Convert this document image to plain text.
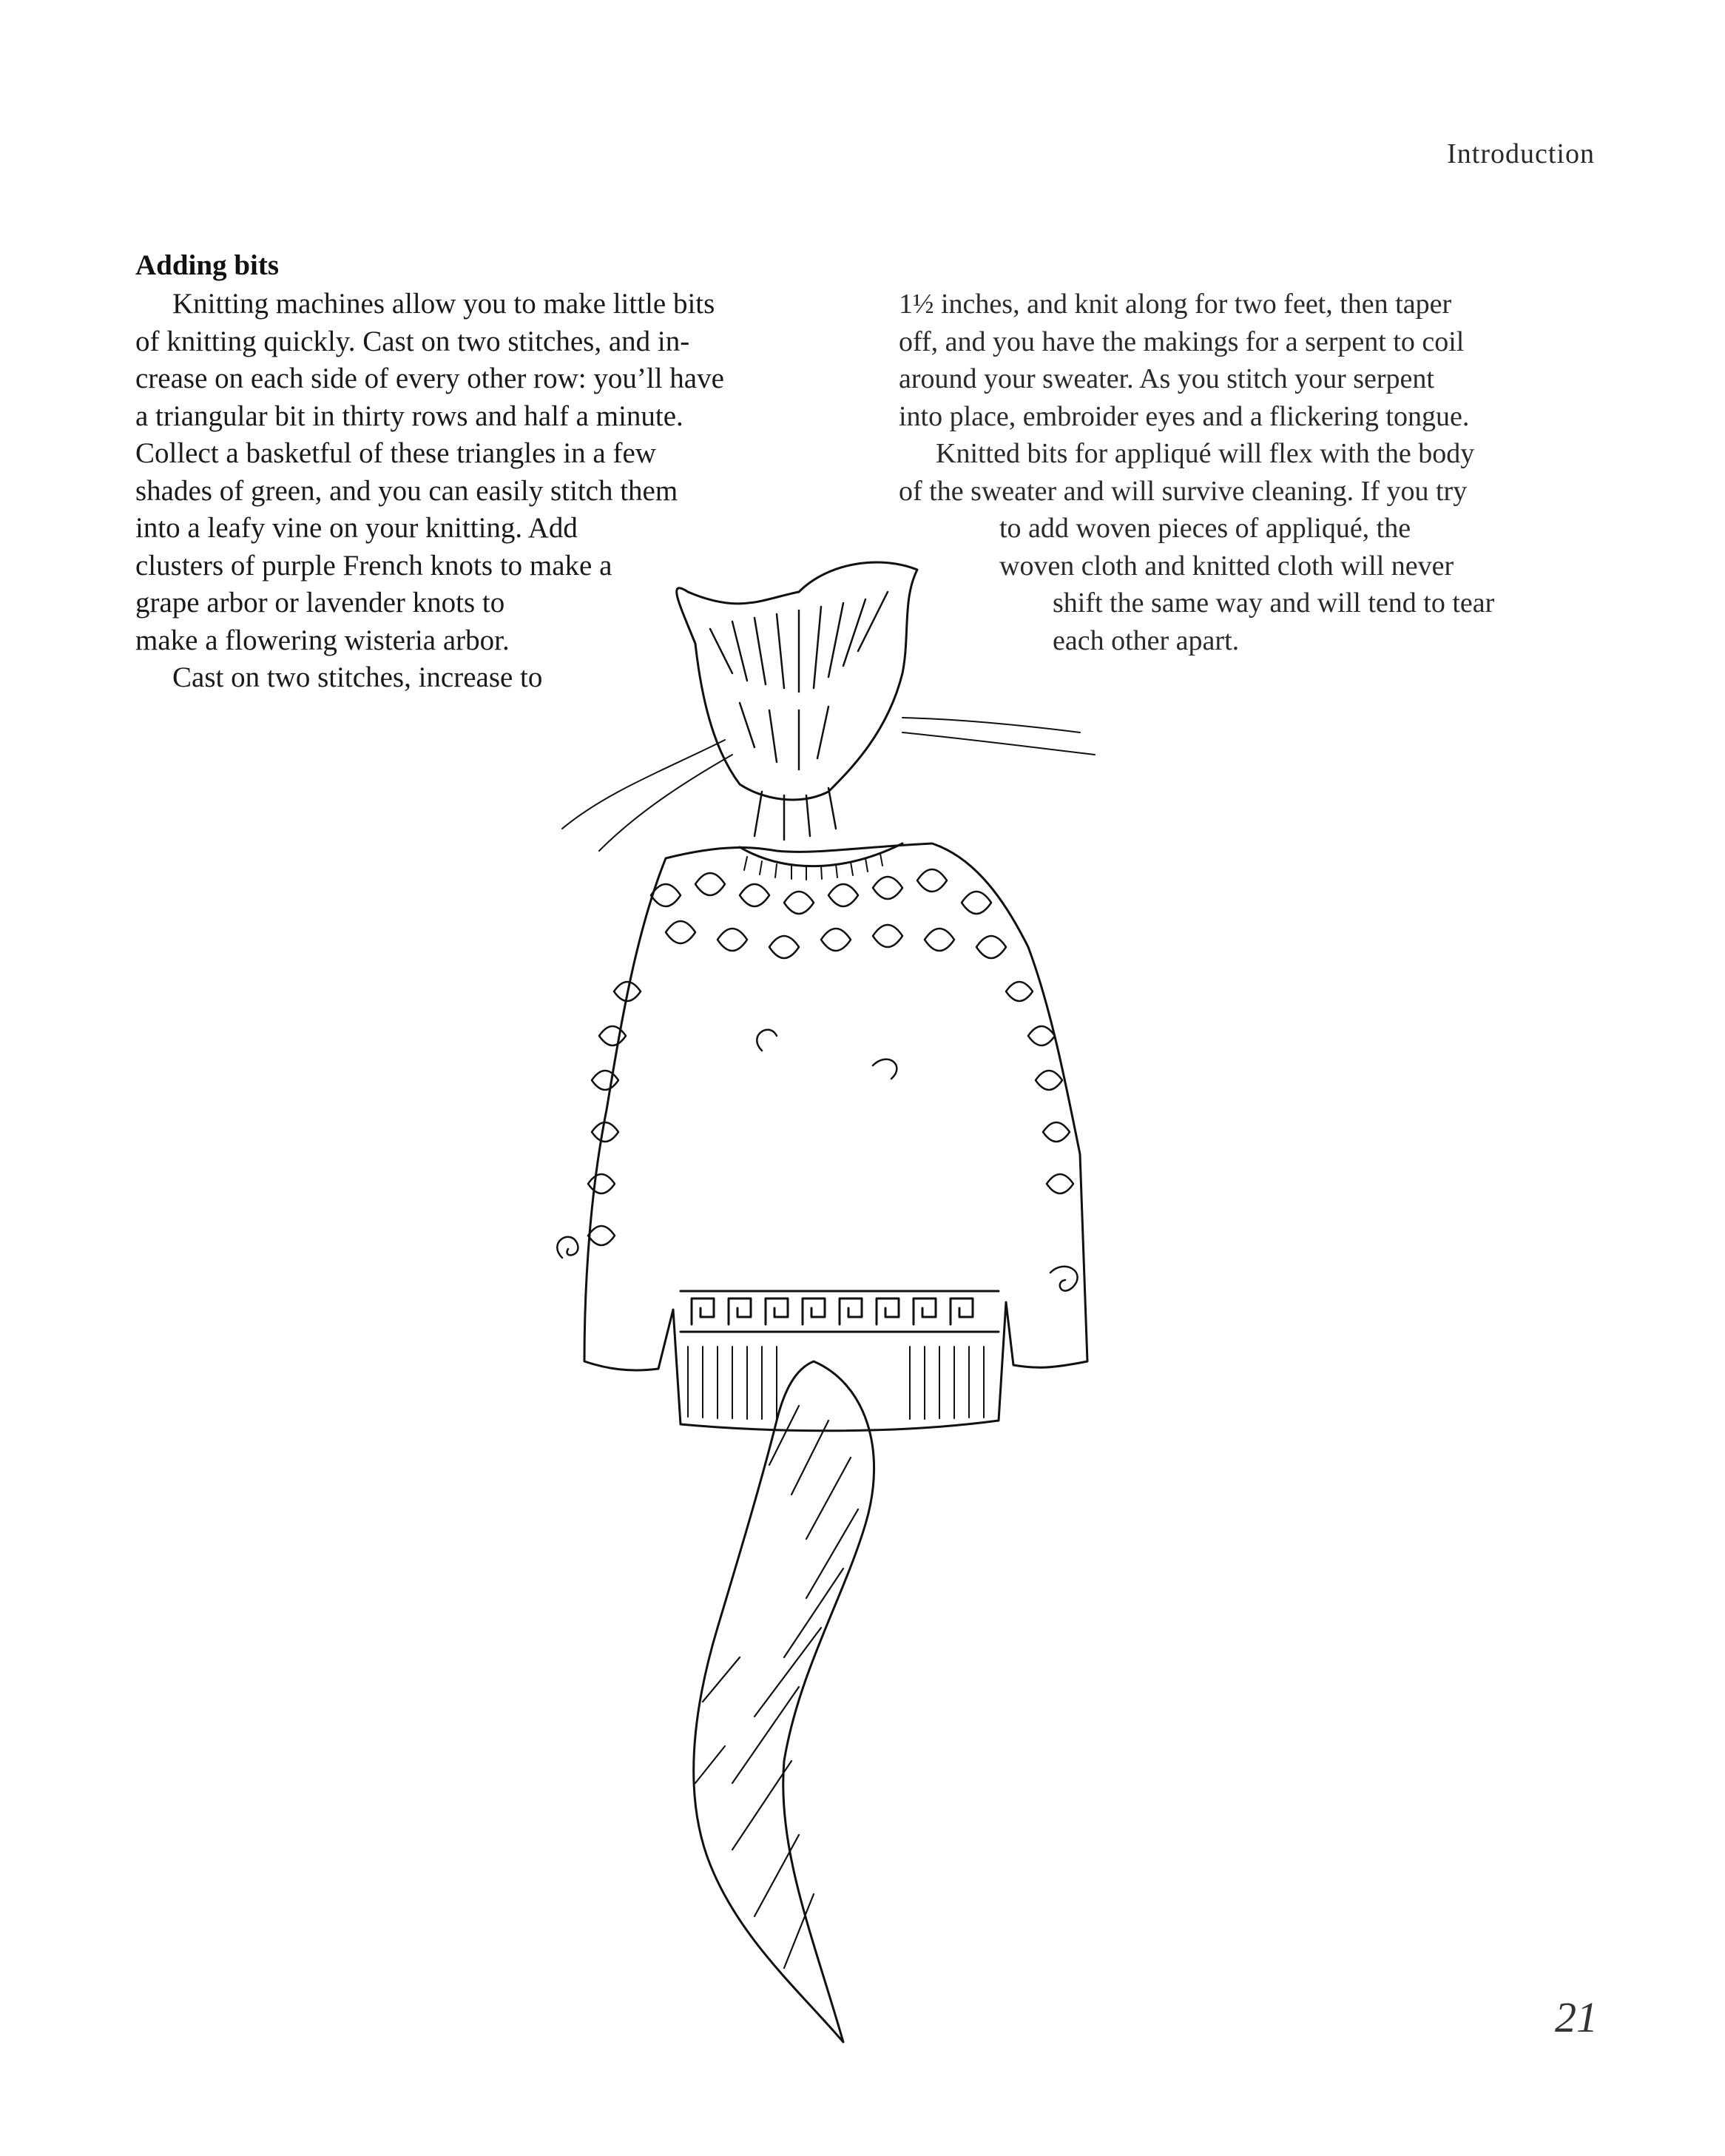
Introduction
Adding bits
Knitting machines allow you to make little bits
of knitting quickly. Cast on two stitches, and in-
crease on each side of every other row: you’ll have
a triangular bit in thirty rows and half a minute.
Collect a basketful of these triangles in a few
shades of green, and you can easily stitch them
into a leafy vine on your knitting. Add
clusters of purple French knots to make a
grape arbor or lavender knots to
make a flowering wisteria arbor.
Cast on two stitches, increase to
1½ inches, and knit along for two feet, then taper
off, and you have the makings for a serpent to coil
around your sweater. As you stitch your serpent
into place, embroider eyes and a flickering tongue.
Knitted bits for appliqué will flex with the body
of the sweater and will survive cleaning. If you try
to add woven pieces of appliqué, the
woven cloth and knitted cloth will never
shift the same way and will tend to tear
each other apart.
21
